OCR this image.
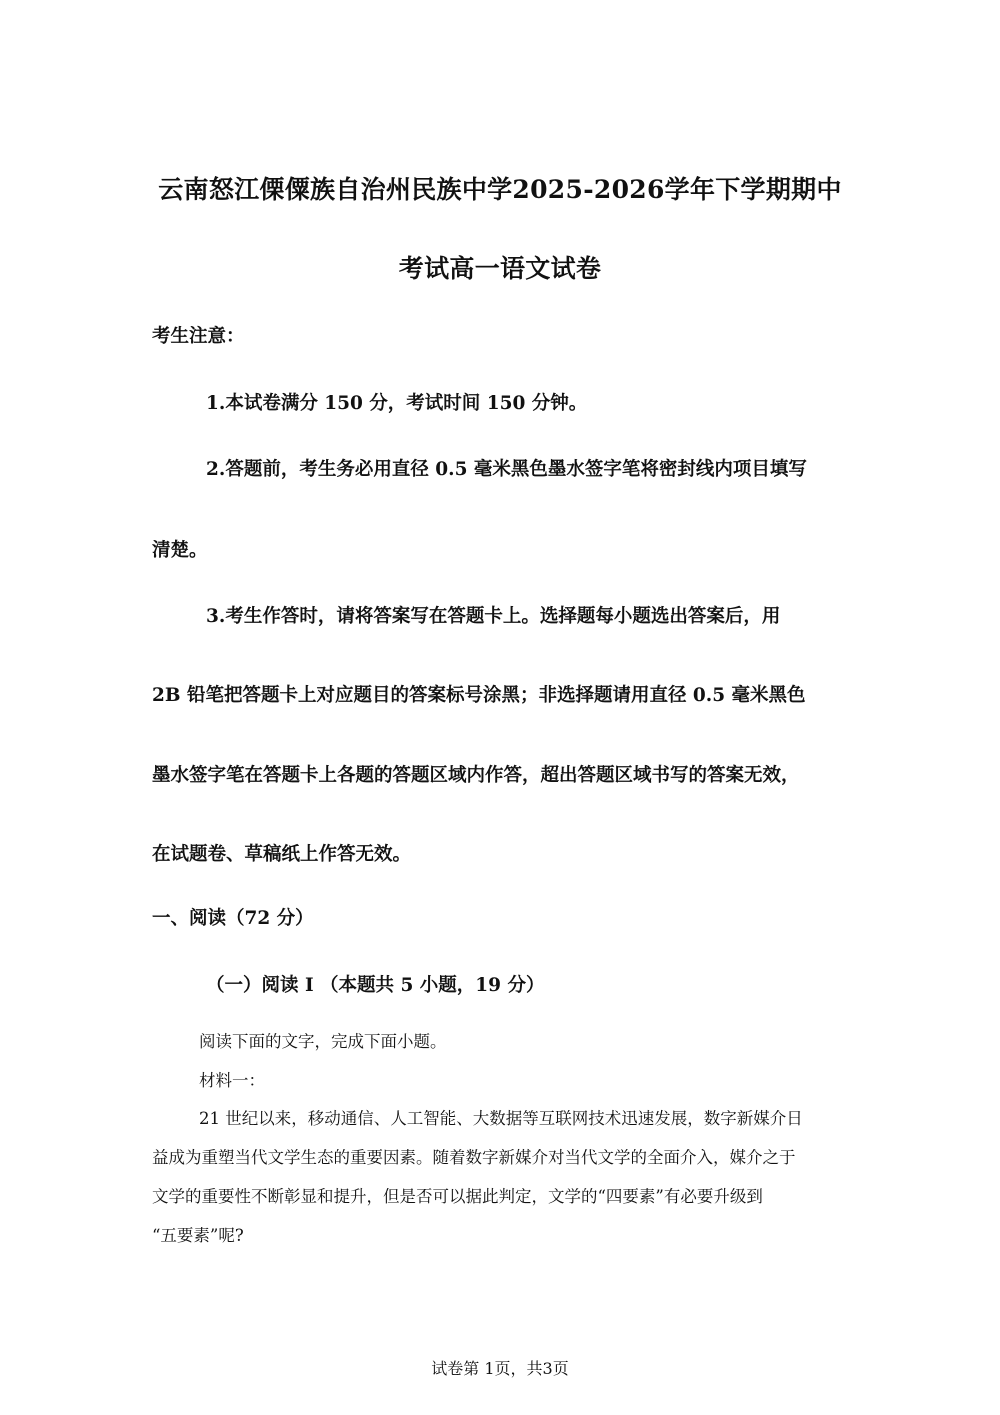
云南怒江傈僳族自治州民族中学2025-2026学年下学期期中
考试高一语文试卷
考生注意：
1.本试卷满分 150 分，考试时间 150 分钟。
2.答题前，考生务必用直径 0.5 毫米黑色墨水签字笔将密封线内项目填写
清楚。
3.考生作答时，请将答案写在答题卡上。选择题每小题选出答案后，用
2B 铅笔把答题卡上对应题目的答案标号涂黑；非选择题请用直径 0.5 毫米黑色
墨水签字笔在答题卡上各题的答题区域内作答，超出答题区域书写的答案无效，
在试题卷、草稿纸上作答无效。
一、阅读（72 分）
（一）阅读 I （本题共 5 小题，19 分）
阅读下面的文字，完成下面小题。
材料一：
21 世纪以来，移动通信、人工智能、大数据等互联网技术迅速发展，数字新媒介日
益成为重塑当代文学生态的重要因素。随着数字新媒介对当代文学的全面介入，媒介之于
文学的重要性不断彰显和提升，但是否可以据此判定，文学的“四要素”有必要升级到
“五要素”呢?
试卷第 1页，共3页
